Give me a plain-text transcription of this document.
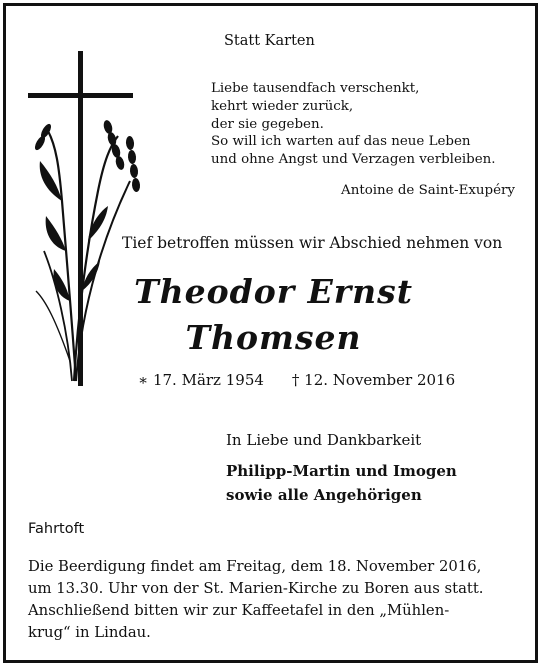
Statt Karten
Liebe tausendfach verschenkt,
kehrt wieder zurück,
der sie gegeben.
So will ich warten auf das neue Leben
und ohne Angst und Verzagen verbleiben.
Antoine de Saint-Exupéry
Tief betroffen müssen wir Abschied nehmen von
Theodor Ernst
Thomsen
∗ 17. März 1954 † 12. November 2016
In Liebe und Dankbarkeit
Philipp-Martin und Imogen
sowie alle Angehörigen
Fahrtoft
Die Beerdigung findet am Freitag, dem 18. November 2016,
um 13.30. Uhr von der St. Marien-Kirche zu Boren aus statt.
Anschließend bitten wir zur Kaffeetafel in den „Mühlen-
krug“ in Lindau.
